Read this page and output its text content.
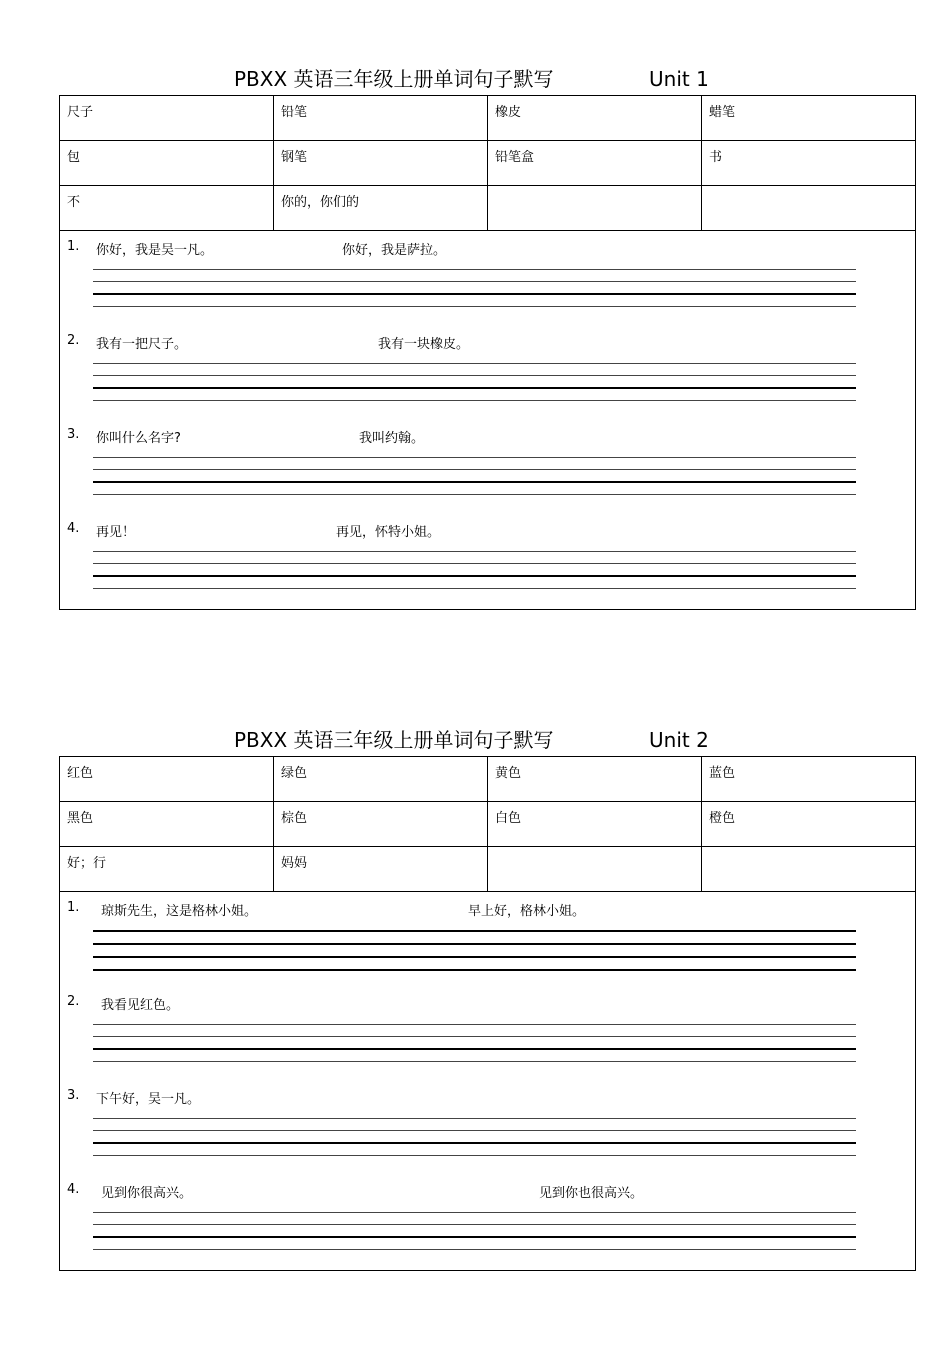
PBXX 英语三年级上册单词句子默写	Unit 1
尺子	铅笔	橡皮	蜡笔
包	钢笔	铅笔盒	书
不	你的，你们的		
1. 你好，我是吴一凡。	你好，我是萨拉。
2. 我有一把尺子。	我有一块橡皮。
3. 你叫什么名字?	我叫约翰。
4. 再见！	再见，怀特小姐。
PBXX 英语三年级上册单词句子默写	Unit 2
红色	绿色	黄色	蓝色
黑色	棕色	白色	橙色
好；行	妈妈		
1. 琼斯先生，这是格林小姐。	早上好，格林小姐。
2. 我看见红色。
3. 下午好，吴一凡。
4. 见到你很高兴。	见到你也很高兴。
